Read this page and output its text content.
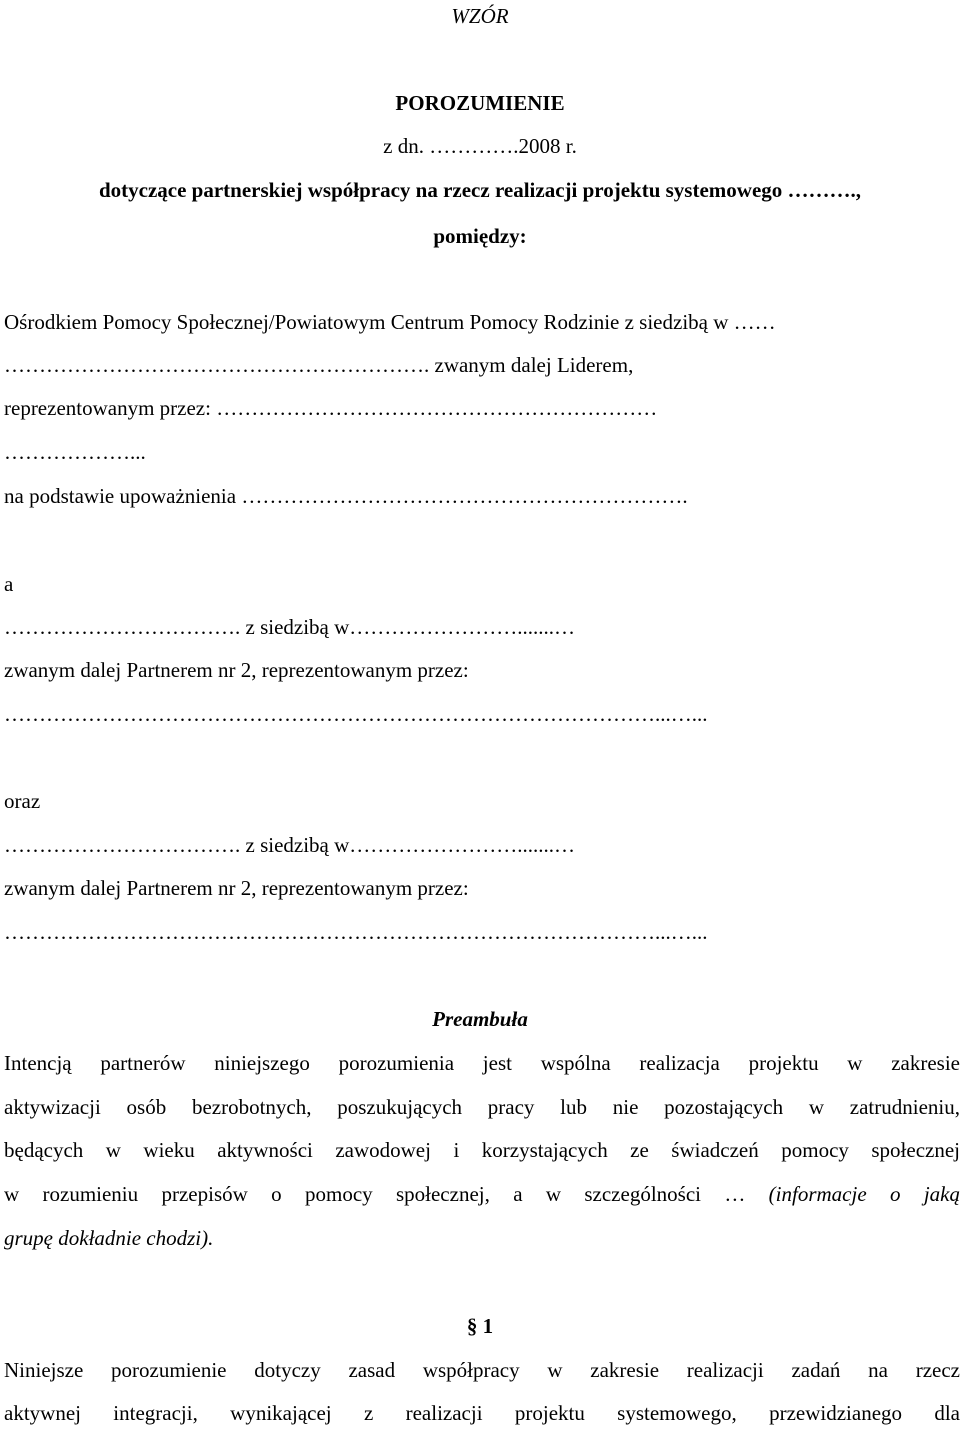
WZÓR

POROZUMIENIE

z dn. ………….2008 r.

dotyczące partnerskiej współpracy na rzecz realizacji projektu systemowego ……….,

pomiędzy:

Ośrodkiem Pomocy Społecznej/Powiatowym Centrum Pomocy Rodzinie z siedzibą w ……

……………………………………………………. zwanym dalej Liderem,

reprezentowanym przez: ………………………………………………………

………………...

na podstawie upoważnienia ……………………………………………………….

a

……………………………. z siedzibą w…………………….......…

zwanym dalej Partnerem nr 2, reprezentowanym przez:

…………………………………………………………………………………...…...

oraz

……………………………. z siedzibą w…………………….......…

zwanym dalej Partnerem nr 2, reprezentowanym przez:

…………………………………………………………………………………...…...

Preambuła

Intencją partnerów niniejszego porozumienia jest wspólna realizacja projektu w zakresie

aktywizacji osób bezrobotnych, poszukujących pracy lub nie pozostających w zatrudnieniu,

będących w wieku aktywności zawodowej i korzystających ze świadczeń pomocy społecznej

w rozumieniu przepisów o pomocy społecznej, a w szczególności … (informacje o jaką

grupę dokładnie chodzi).

§ 1

Niniejsze porozumienie dotyczy zasad współpracy w zakresie realizacji zadań na rzecz

aktywnej integracji, wynikającej z realizacji projektu systemowego, przewidzianego dla
